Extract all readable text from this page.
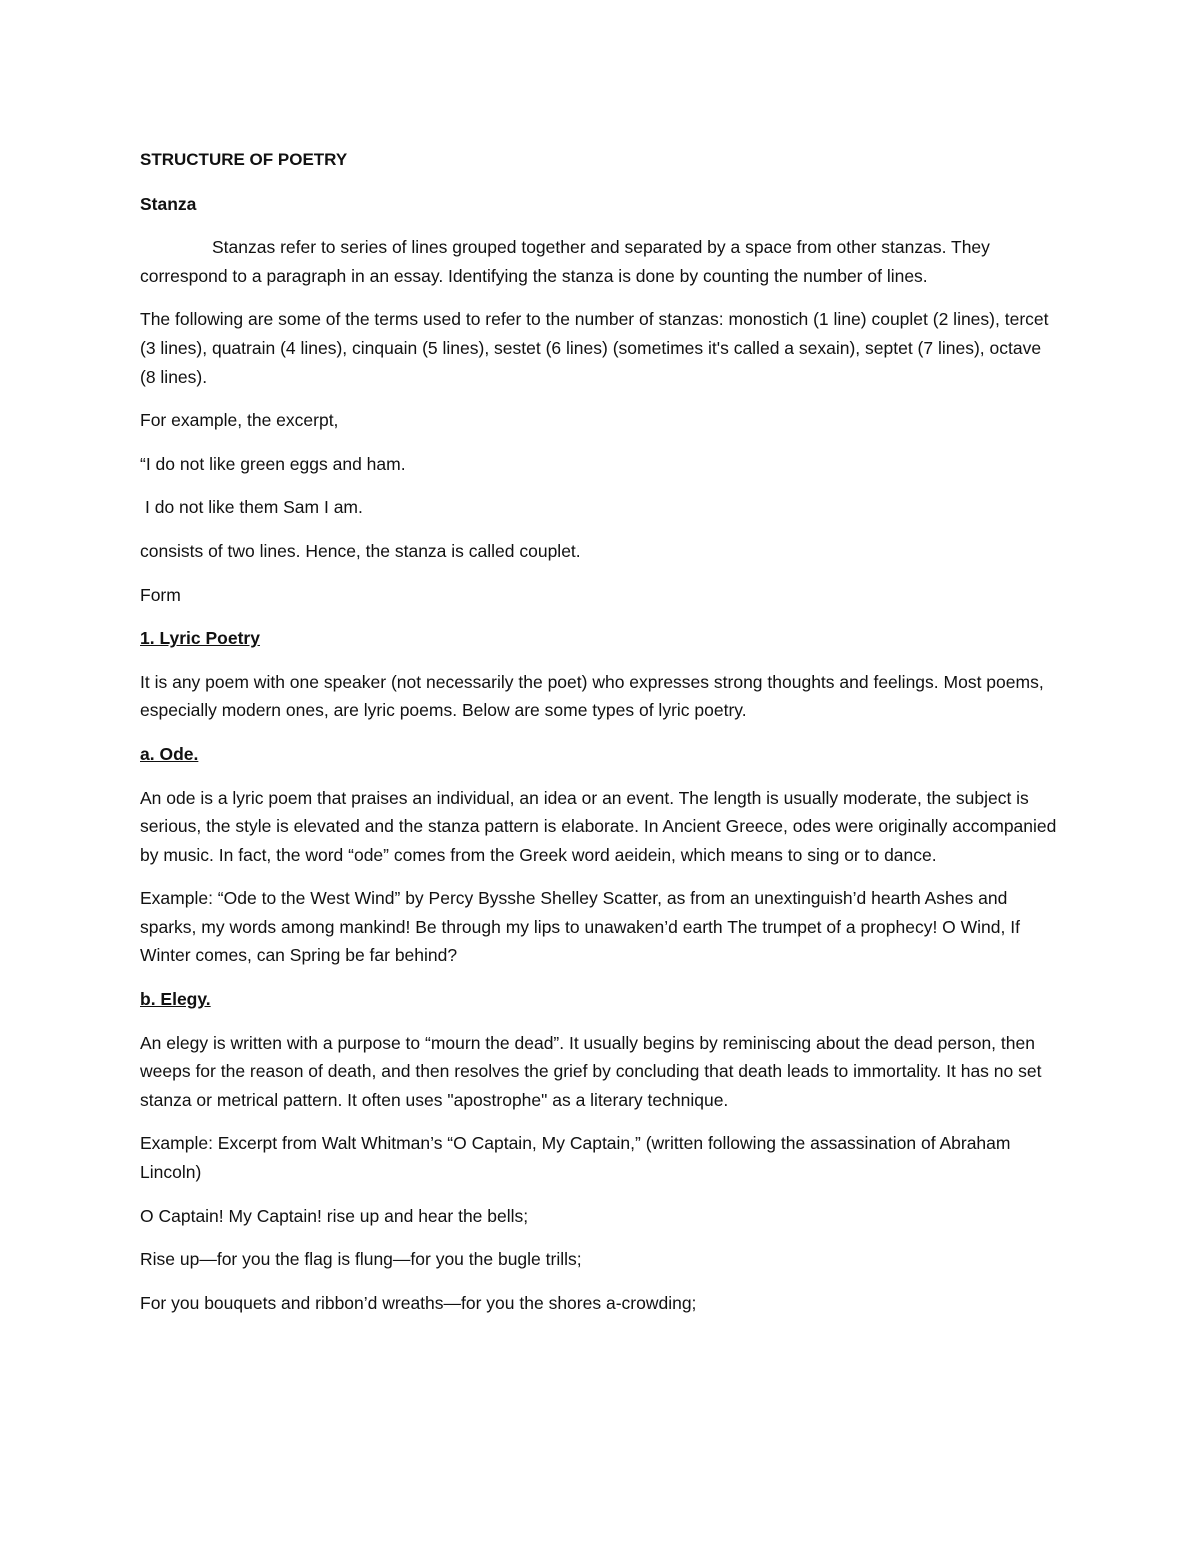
STRUCTURE OF POETRY

Stanza

Stanzas refer to series of lines grouped together and separated by a space from other stanzas. They correspond to a paragraph in an essay. Identifying the stanza is done by counting the number of lines.

The following are some of the terms used to refer to the number of stanzas: monostich (1 line) couplet (2 lines), tercet (3 lines), quatrain (4 lines), cinquain (5 lines), sestet (6 lines) (sometimes it's called a sexain), septet (7 lines), octave (8 lines).

For example, the excerpt,

“I do not like green eggs and ham.

I do not like them Sam I am.

consists of two lines. Hence, the stanza is called couplet.

Form

1. Lyric Poetry

It is any poem with one speaker (not necessarily the poet) who expresses strong thoughts and feelings. Most poems, especially modern ones, are lyric poems. Below are some types of lyric poetry.

a. Ode.

An ode is a lyric poem that praises an individual, an idea or an event. The length is usually moderate, the subject is serious, the style is elevated and the stanza pattern is elaborate. In Ancient Greece, odes were originally accompanied by music. In fact, the word “ode” comes from the Greek word aeidein, which means to sing or to dance.

Example: “Ode to the West Wind” by Percy Bysshe Shelley Scatter, as from an unextinguish’d hearth Ashes and sparks, my words among mankind! Be through my lips to unawaken’d earth The trumpet of a prophecy! O Wind, If Winter comes, can Spring be far behind?

b. Elegy.

An elegy is written with a purpose to “mourn the dead”. It usually begins by reminiscing about the dead person, then weeps for the reason of death, and then resolves the grief by concluding that death leads to immortality. It has no set stanza or metrical pattern. It often uses "apostrophe" as a literary technique.

Example: Excerpt from Walt Whitman’s “O Captain, My Captain,” (written following the assassination of Abraham Lincoln)

O Captain! My Captain! rise up and hear the bells;

Rise up—for you the flag is flung—for you the bugle trills;

For you bouquets and ribbon’d wreaths—for you the shores a-crowding;
